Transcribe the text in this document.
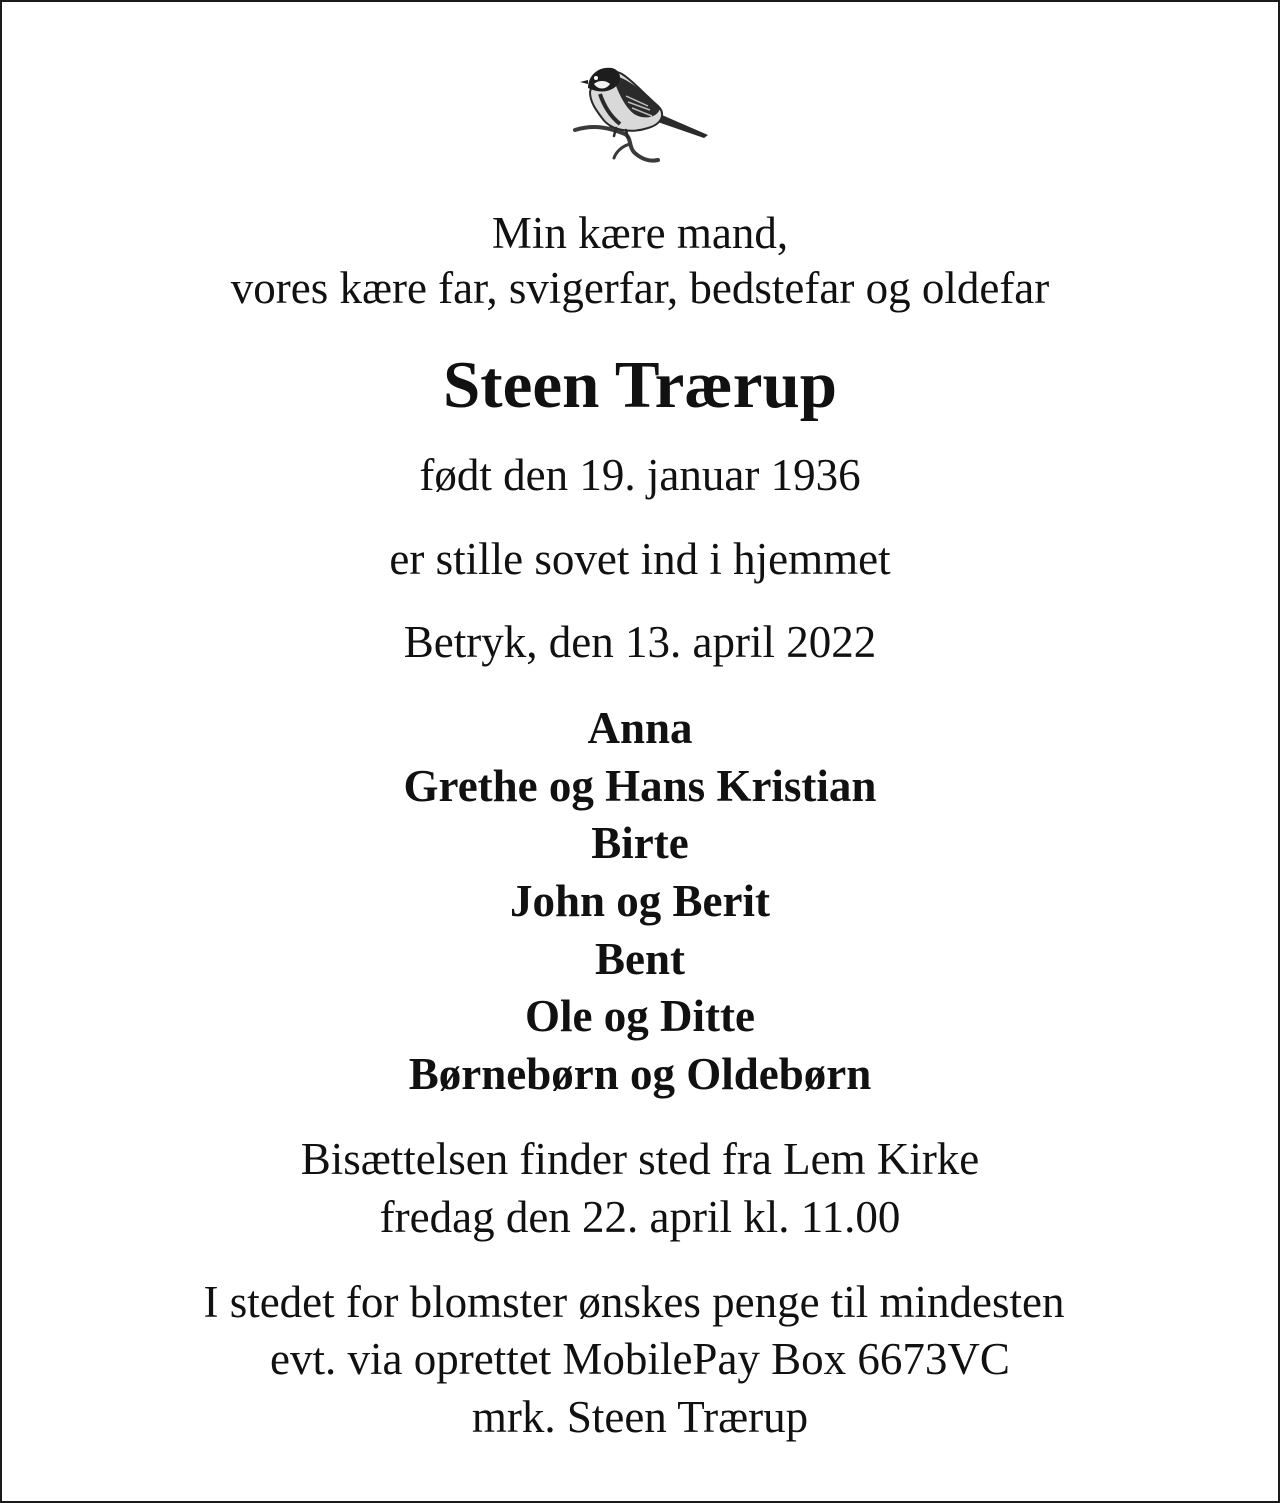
Min kære mand,
vores kære far, svigerfar, bedstefar og oldefar
Steen Trærup
født den 19. januar 1936
er stille sovet ind i hjemmet
Betryk, den 13. april 2022
Anna
Grethe og Hans Kristian
Birte
John og Berit
Bent
Ole og Ditte
Børnebørn og Oldebørn
Bisættelsen finder sted fra Lem Kirke
fredag den 22. april kl. 11.00
I stedet for blomster ønskes penge til mindesten
evt. via oprettet MobilePay Box 6673VC
mrk. Steen Trærup
